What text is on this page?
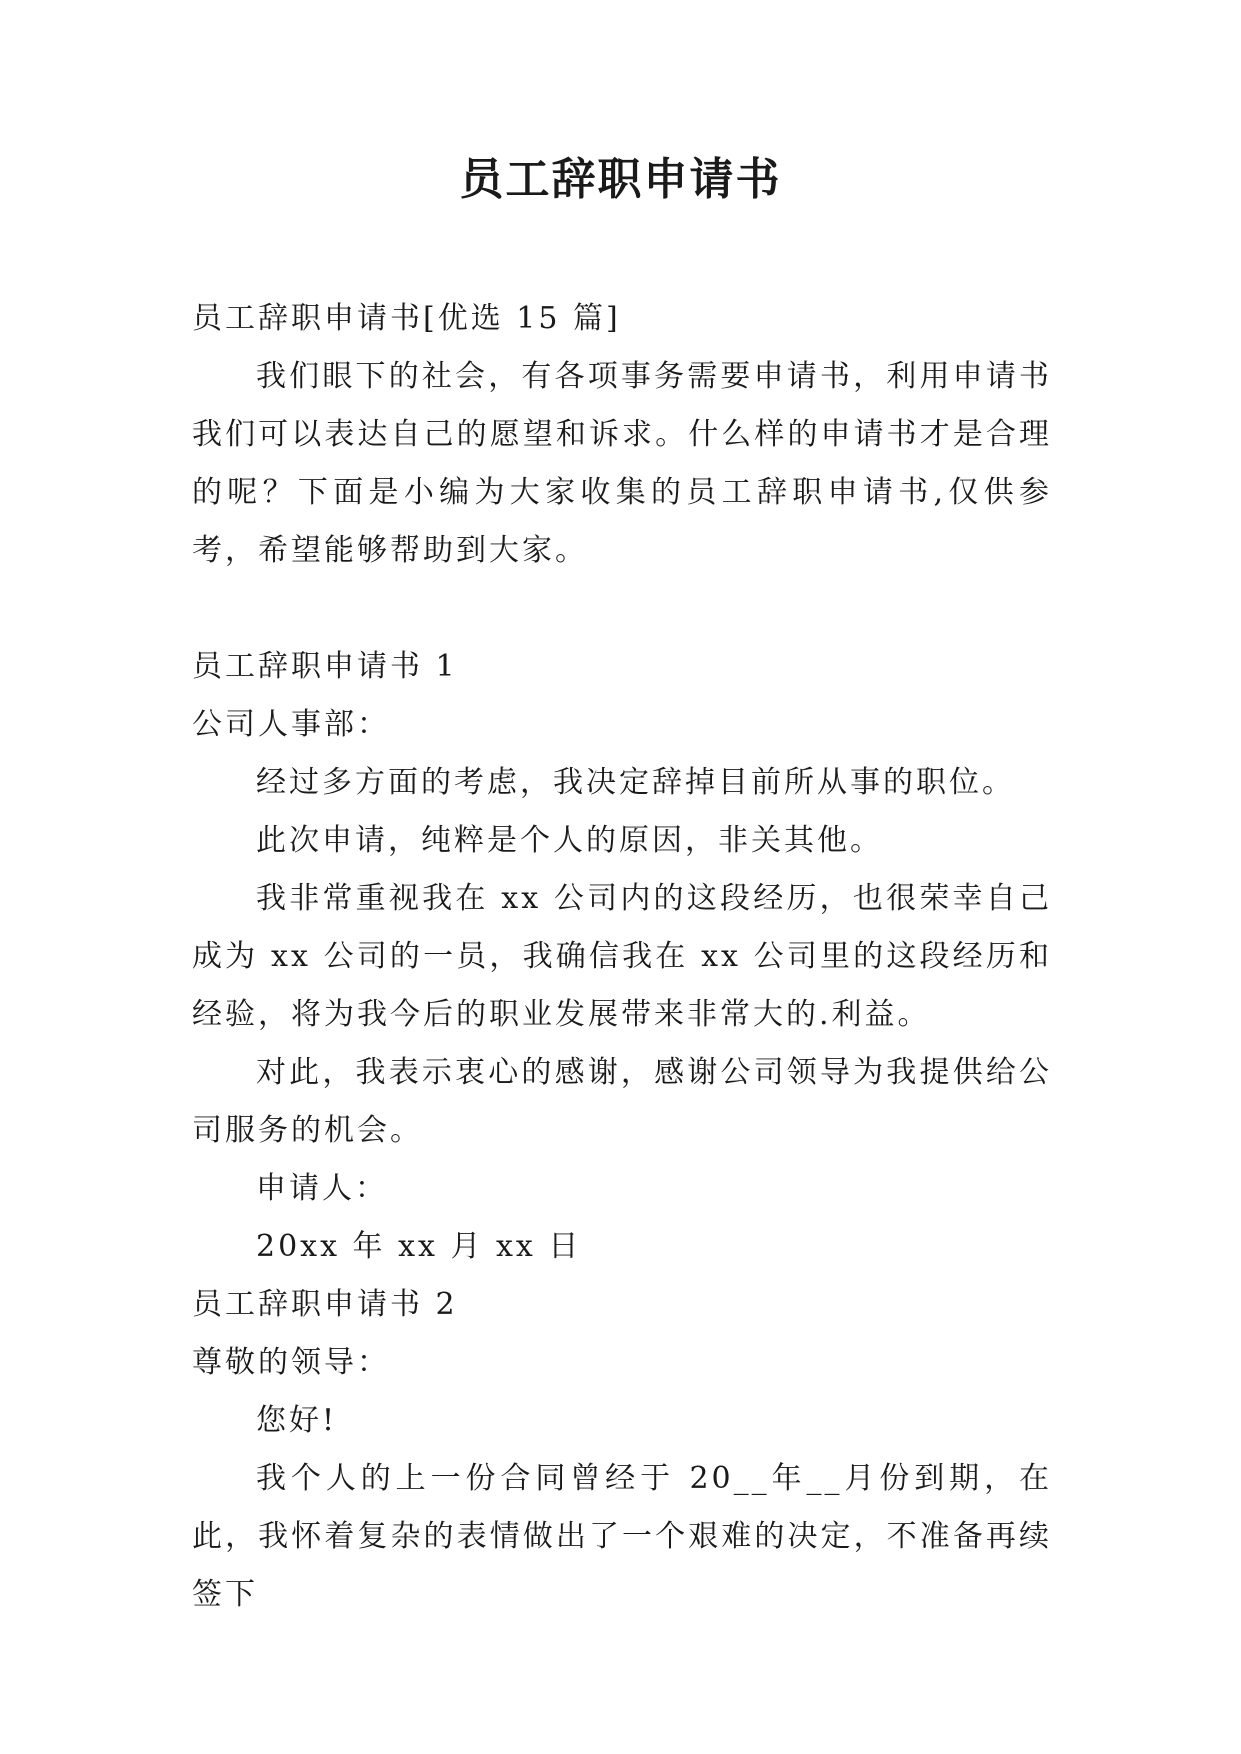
员工辞职申请书

员工辞职申请书[优选 15 篇]

我们眼下的社会，有各项事务需要申请书，利用申请书我们可以表达自己的愿望和诉求。什么样的申请书才是合理的呢？下面是小编为大家收集的员工辞职申请书,仅供参考，希望能够帮助到大家。

员工辞职申请书 1

公司人事部：

经过多方面的考虑，我决定辞掉目前所从事的职位。

此次申请，纯粹是个人的原因，非关其他。

我非常重视我在 xx 公司内的这段经历，也很荣幸自己成为 xx 公司的一员，我确信我在 xx 公司里的这段经历和经验，将为我今后的职业发展带来非常大的.利益。

对此，我表示衷心的感谢，感谢公司领导为我提供给公司服务的机会。

申请人：

20xx 年 xx 月 xx 日

员工辞职申请书 2

尊敬的领导：

您好!

我个人的上一份合同曾经于 20__年__月份到期，在此，我怀着复杂的表情做出了一个艰难的决定，不准备再续签下
